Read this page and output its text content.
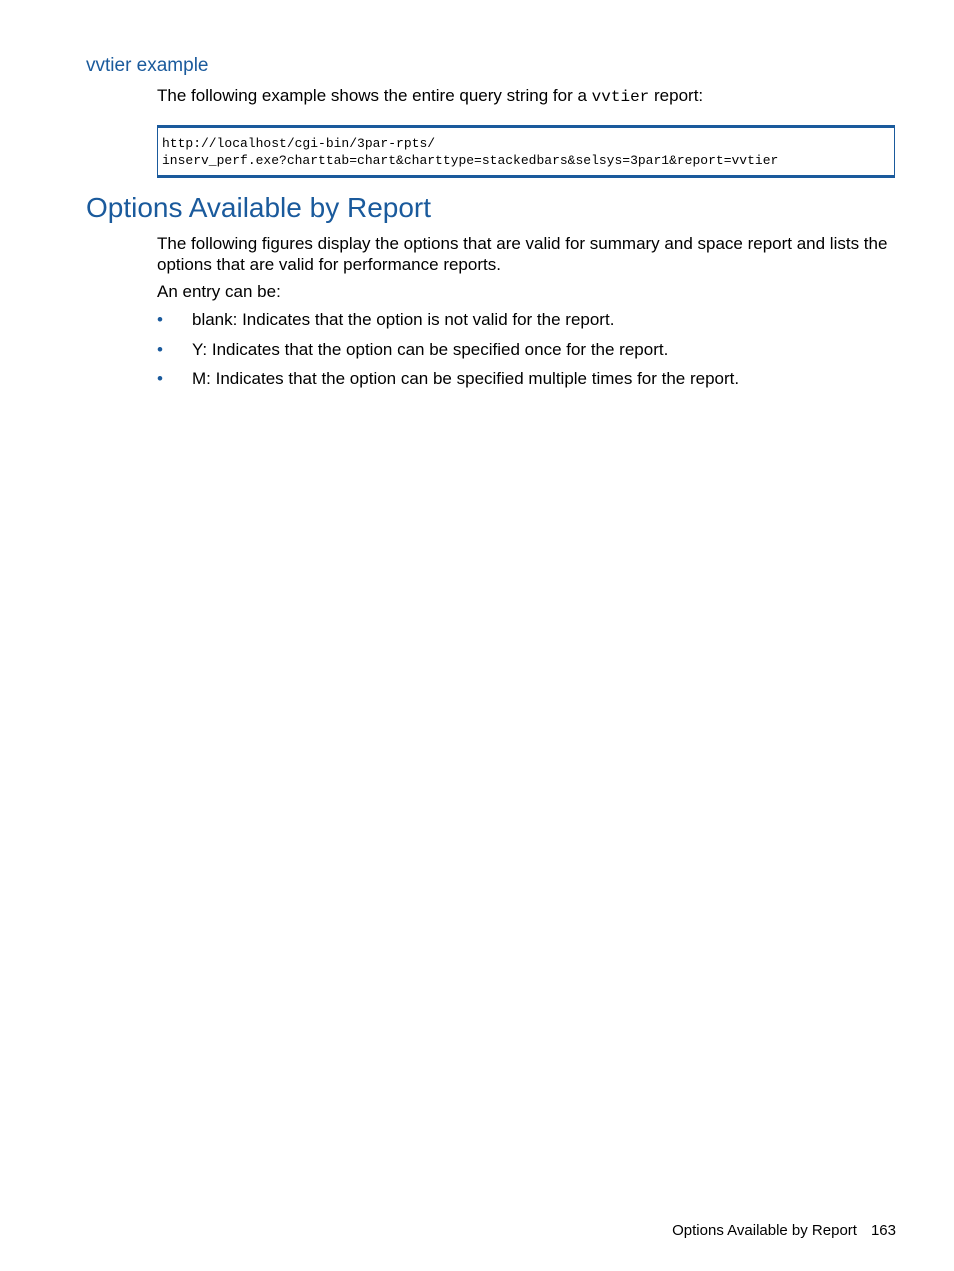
vvtier example
The following example shows the entire query string for a vvtier report:
http://localhost/cgi-bin/3par-rpts/
inserv_perf.exe?charttab=chart&charttype=stackedbars&selsys=3par1&report=vvtier
Options Available by Report
The following figures display the options that are valid for summary and space report and lists the
options that are valid for performance reports.
An entry can be:
• blank: Indicates that the option is not valid for the report.
• Y: Indicates that the option can be specified once for the report.
• M: Indicates that the option can be specified multiple times for the report.
Options Available by Report 163
